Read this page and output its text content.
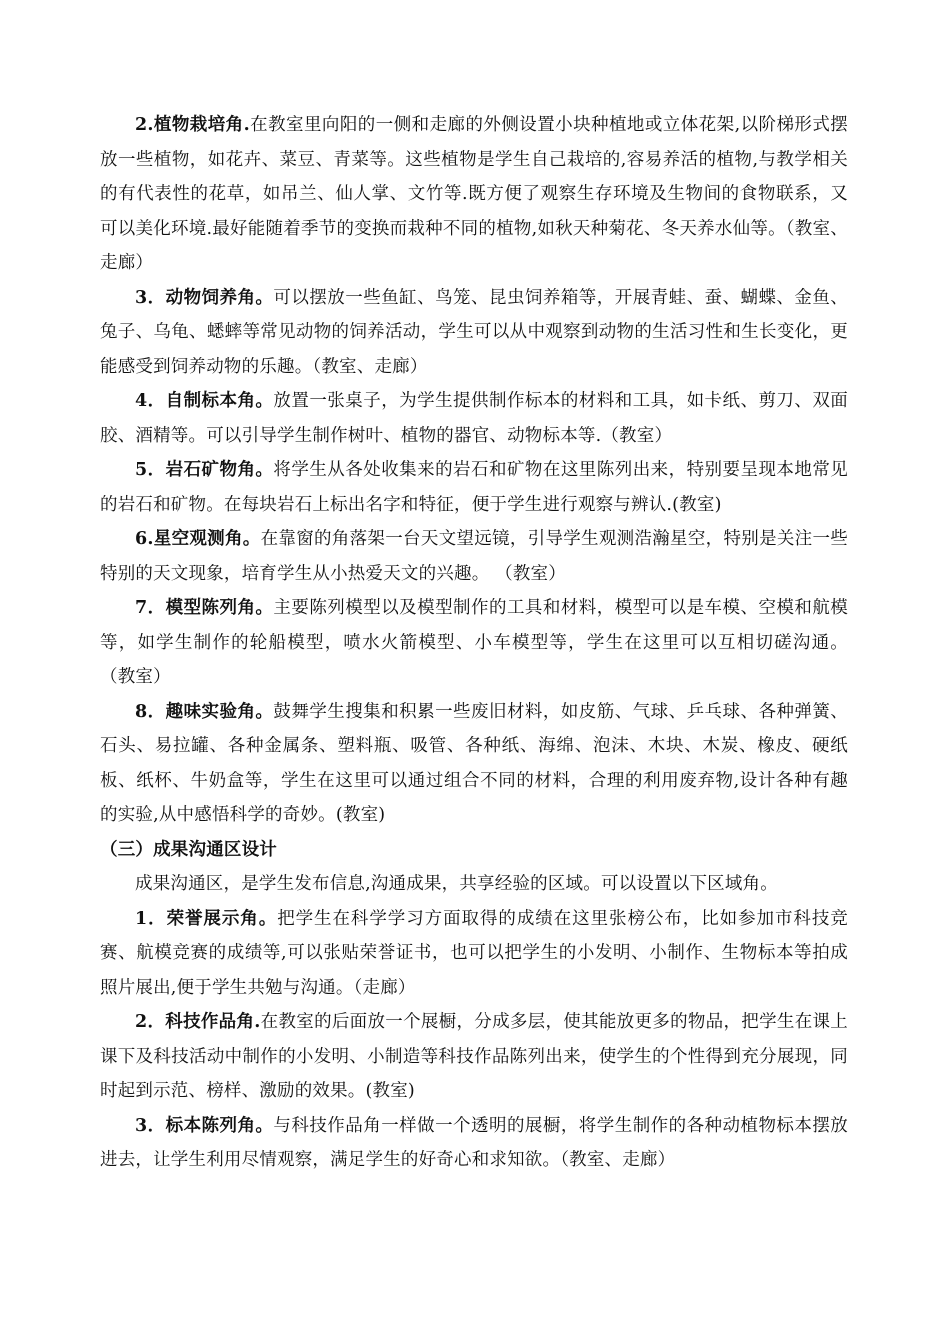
2.植物栽培角.在教室里向阳的一侧和走廊的外侧设置小块种植地或立体花架,以阶梯形式摆放一些植物，如花卉、菜豆、青菜等。这些植物是学生自己栽培的,容易养活的植物,与教学相关的有代表性的花草，如吊兰、仙人掌、文竹等.既方便了观察生存环境及生物间的食物联系，又可以美化环境.最好能随着季节的变换而栽种不同的植物,如秋天种菊花、冬天养水仙等。（教室、走廊）

3．动物饲养角。可以摆放一些鱼缸、鸟笼、昆虫饲养箱等，开展青蛙、蚕、蝴蝶、金鱼、兔子、乌龟、蟋蟀等常见动物的饲养活动，学生可以从中观察到动物的生活习性和生长变化，更能感受到饲养动物的乐趣。（教室、走廊）

4．自制标本角。放置一张桌子，为学生提供制作标本的材料和工具，如卡纸、剪刀、双面胶、酒精等。可以引导学生制作树叶、植物的器官、动物标本等.（教室）

5．岩石矿物角。将学生从各处收集来的岩石和矿物在这里陈列出来，特别要呈现本地常见的岩石和矿物。在每块岩石上标出名字和特征，便于学生进行观察与辨认.(教室)

6.星空观测角。在靠窗的角落架一台天文望远镜，引导学生观测浩瀚星空，特别是关注一些特别的天文现象，培育学生从小热爱天文的兴趣。 （教室）

7．模型陈列角。主要陈列模型以及模型制作的工具和材料，模型可以是车模、空模和航模等，如学生制作的轮船模型，喷水火箭模型、小车模型等，学生在这里可以互相切磋沟通。 （教室）

8．趣味实验角。鼓舞学生搜集和积累一些废旧材料，如皮筋、气球、乒乓球、各种弹簧、石头、易拉罐、各种金属条、塑料瓶、吸管、各种纸、海绵、泡沫、木块、木炭、橡皮、硬纸板、纸杯、牛奶盒等，学生在这里可以通过组合不同的材料，合理的利用废弃物,设计各种有趣的实验,从中感悟科学的奇妙。(教室)

（三）成果沟通区设计

成果沟通区，是学生发布信息,沟通成果，共享经验的区域。可以设置以下区域角。

1．荣誉展示角。把学生在科学学习方面取得的成绩在这里张榜公布，比如参加市科技竞赛、航模竞赛的成绩等,可以张贴荣誉证书，也可以把学生的小发明、小制作、生物标本等拍成照片展出,便于学生共勉与沟通。（走廊）

2．科技作品角.在教室的后面放一个展橱，分成多层，使其能放更多的物品，把学生在课上课下及科技活动中制作的小发明、小制造等科技作品陈列出来，使学生的个性得到充分展现，同时起到示范、榜样、激励的效果。(教室)

3．标本陈列角。与科技作品角一样做一个透明的展橱，将学生制作的各种动植物标本摆放进去，让学生利用尽情观察，满足学生的好奇心和求知欲。（教室、走廊）
